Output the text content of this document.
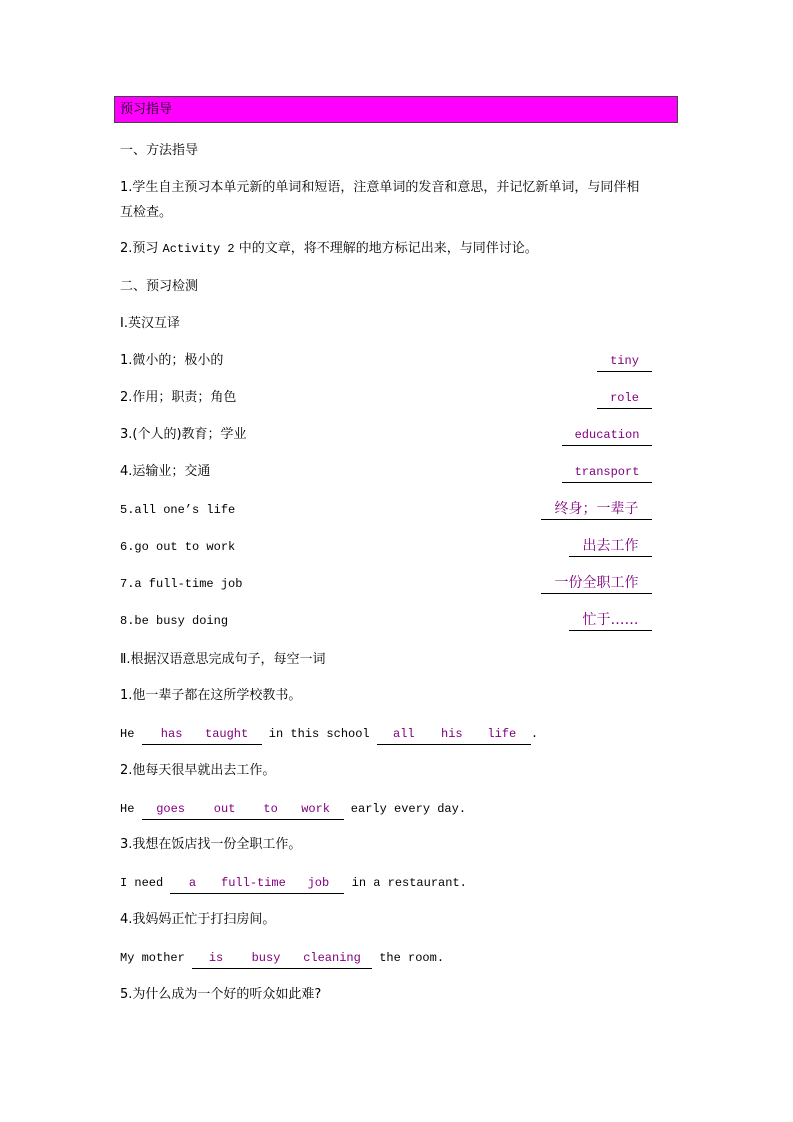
预习指导
一、方法指导
1.学生自主预习本单元新的单词和短语，注意单词的发音和意思，并记忆新单词，与同伴相
互检查。
2.预习 Activity 2 中的文章，将不理解的地方标记出来，与同伴讨论。
二、预习检测
Ⅰ.英汉互译
1.微小的；极小的	tiny
2.作用；职责；角色	role
3.(个人的)教育；学业	education
4.运输业；交通	transport
5.all one’s life	终身；一辈子
6.go out to work	出去工作
7.a full-time job	一份全职工作
8.be busy doing	忙于……
Ⅱ.根据汉语意思完成句子，每空一词
1.他一辈子都在这所学校教书。
He has taught in this school all his life .
2.他每天很早就出去工作。
He goes out to work early every day.
3.我想在饭店找一份全职工作。
I need a full-time job in a restaurant.
4.我妈妈正忙于打扫房间。
My mother is busy cleaning the room.
5.为什么成为一个好的听众如此难?
